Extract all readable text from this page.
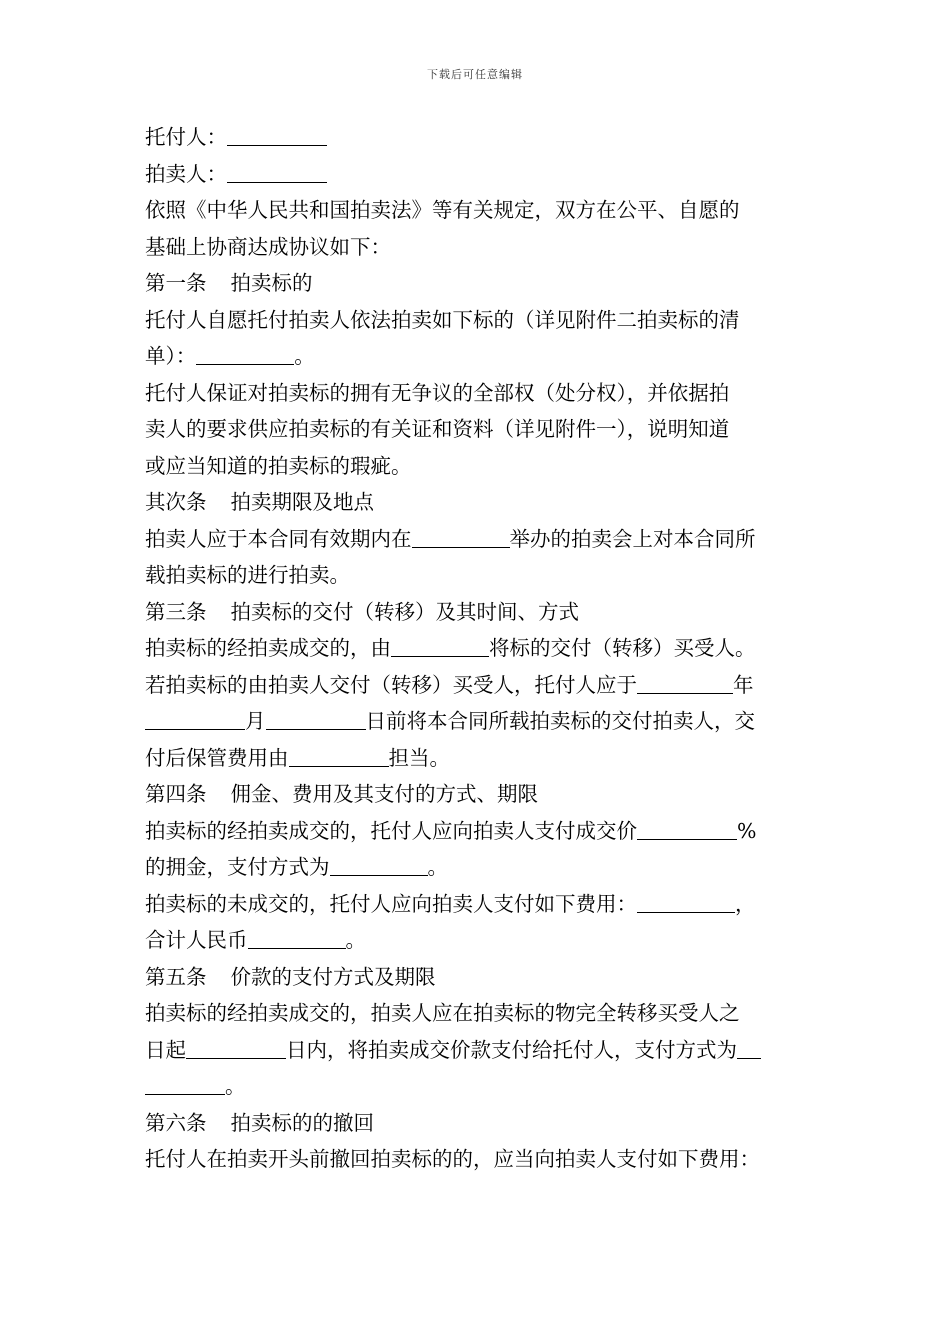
下载后可任意编辑
托付人：
拍卖人：
依照《中华人民共和国拍卖法》等有关规定，双方在公平、自愿的
基础上协商达成协议如下：
第一条 拍卖标的
托付人自愿托付拍卖人依法拍卖如下标的（详见附件二拍卖标的清
单）：	。
托付人保证对拍卖标的拥有无争议的全部权（处分权），并依据拍
卖人的要求供应拍卖标的有关证和资料（详见附件一），说明知道
或应当知道的拍卖标的瑕疵。
其次条 拍卖期限及地点
拍卖人应于本合同有效期内在	举办的拍卖会上对本合同所
载拍卖标的进行拍卖。
第三条 拍卖标的交付（转移）及其时间、方式
拍卖标的经拍卖成交的，由	将标的交付（转移）买受人。
若拍卖标的由拍卖人交付（转移）买受人，托付人应于	年
月	日前将本合同所载拍卖标的交付拍卖人，交
付后保管费用由	担当。
第四条 佣金、费用及其支付的方式、期限
拍卖标的经拍卖成交的，托付人应向拍卖人支付成交价	%
的拥金，支付方式为	。
拍卖标的未成交的，托付人应向拍卖人支付如下费用：	，
合计人民币	。
第五条 价款的支付方式及期限
拍卖标的经拍卖成交的，拍卖人应在拍卖标的物完全转移买受人之
日起	日内，将拍卖成交价款支付给托付人，支付方式为
。
第六条 拍卖标的的撤回
托付人在拍卖开头前撤回拍卖标的的，应当向拍卖人支付如下费用：
